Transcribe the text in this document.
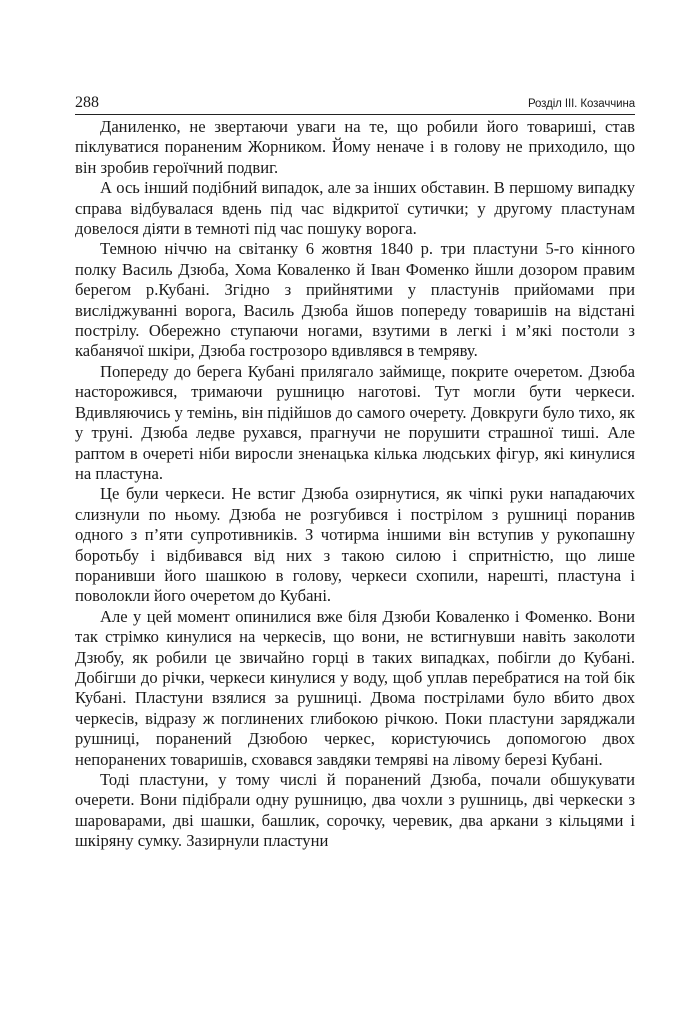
288	Розділ ІІІ. Козаччина

Даниленко, не звертаючи уваги на те, що робили його товариші, став піклуватися пораненим Жорником. Йому неначе і в голову не приходило, що він зробив героїчний подвиг.

А ось інший подібний випадок, але за інших обставин. В першому випадку справа відбувалася вдень під час відкритої сутички; у другому пластунам довелося діяти в темноті під час пошуку ворога.

Темною ніччю на світанку 6 жовтня 1840 р. три пластуни 5-го кінного полку Василь Дзюба, Хома Коваленко й Іван Фоменко йшли дозором правим берегом р.Кубані. Згідно з прийнятими у пластунів прийомами при висліджуванні ворога, Василь Дзюба йшов попереду товаришів на відстані пострілу. Обережно ступаючи ногами, взутими в легкі і м’які постоли з кабанячої шкіри, Дзюба гострозоро вдивлявся в темряву.

Попереду до берега Кубані прилягало займище, покрите очеретом. Дзюба насторожився, тримаючи рушницю наготові. Тут могли бути черкеси. Вдивляючись у темінь, він підійшов до самого очерету. Довкруги було тихо, як у труні. Дзюба ледве рухався, прагнучи не порушити страшної тиші. Але раптом в очереті ніби виросли зненацька кілька людських фігур, які кинулися на пластуна.

Це були черкеси. Не встиг Дзюба озирнутися, як чіпкі руки нападаючих слизнули по ньому. Дзюба не розгубився і пострілом з рушниці поранив одного з п’яти супротивників. З чотирма іншими він вступив у рукопашну боротьбу і відбивався від них з такою силою і спритністю, що лише поранивши його шашкою в голову, черкеси схопили, нарешті, пластуна і поволокли його очеретом до Кубані.

Але у цей момент опинилися вже біля Дзюби Коваленко і Фоменко. Вони так стрімко кинулися на черкесів, що вони, не встигнувши навіть заколоти Дзюбу, як робили це звичайно горці в таких випадках, побігли до Кубані. Добігши до річки, черкеси кинулися у воду, щоб уплав перебратися на той бік Кубані. Пластуни взялися за рушниці. Двома пострілами було вбито двох черкесів, відразу ж поглинених глибокою річкою. Поки пластуни заряджали рушниці, поранений Дзюбою черкес, користуючись допомогою двох непоранених товаришів, сховався завдяки темряві на лівому березі Кубані.

Тоді пластуни, у тому числі й поранений Дзюба, почали обшукувати очерети. Вони підібрали одну рушницю, два чохли з рушниць, дві черкески з шароварами, дві шашки, башлик, сорочку, черевик, два аркани з кільцями і шкіряну сумку. Зазирнули пластуни
